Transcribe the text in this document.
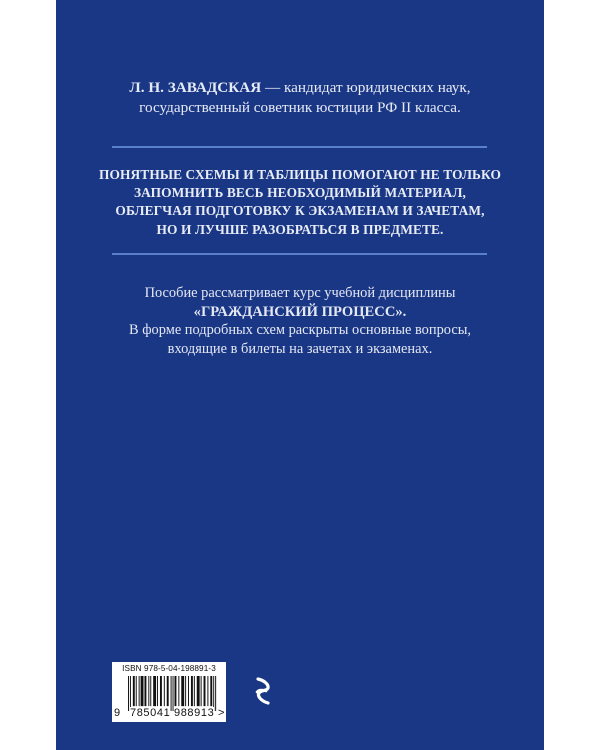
Л. Н. ЗАВАДСКАЯ — кандидат юридических наук,
государственный советник юстиции РФ II класса.
ПОНЯТНЫЕ СХЕМЫ И ТАБЛИЦЫ ПОМОГАЮТ НЕ ТОЛЬКО
ЗАПОМНИТЬ ВЕСЬ НЕОБХОДИМЫЙ МАТЕРИАЛ,
ОБЛЕГЧАЯ ПОДГОТОВКУ К ЭКЗАМЕНАМ И ЗАЧЕТАМ,
НО И ЛУЧШЕ РАЗОБРАТЬСЯ В ПРЕДМЕТЕ.
Пособие рассматривает курс учебной дисциплины
«ГРАЖДАНСКИЙ ПРОЦЕСС».
В форме подробных схем раскрыты основные вопросы,
входящие в билеты на зачетах и экзаменах.
ISBN 978-5-04-198891-3
9 785041 988913 >
